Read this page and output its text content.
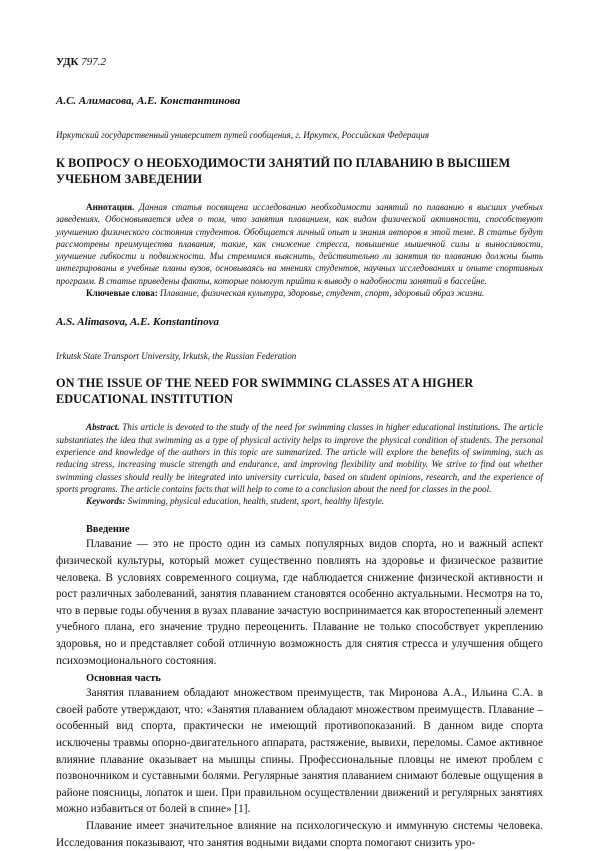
УДК 797.2
А.С. Алимасова, А.Е. Константинова
Иркутский государственный университет путей сообщения, г. Иркутск, Российская Федерация
К ВОПРОСУ О НЕОБХОДИМОСТИ ЗАНЯТИЙ ПО ПЛАВАНИЮ В ВЫСШЕМ УЧЕБНОМ ЗАВЕДЕНИИ

Аннотация. Данная статья посвящена исследованию необходимости занятий по плаванию в высших учебных заведениях. Обосновывается идея о том, что занятия плаванием, как видом физической активности, способствуют улучшению физического состояния студентов. Обобщается личный опыт и знания авторов в этой теме. В статье будут рассмотрены преимущества плавания, такие, как снижение стресса, повышение мышечной силы и выносливости, улучшение гибкости и подвижности. Мы стремимся выяснить, действительно ли занятия по плаванию должны быть интегрированы в учебные планы вузов, основываясь на мнениях студентов, научных исследованиях и опыте спортивных программ. В статье приведены факты, которые помогут прийти к выводу о надобности занятий в бассейне.

Ключевые слова: Плавание, физическая культура, здоровье, студент, спорт, здоровый образ жизни.

A.S. Alimasova, A.E. Konstantinova
Irkutsk State Transport University, Irkutsk, the Russian Federation
ON THE ISSUE OF THE NEED FOR SWIMMING CLASSES AT A HIGHER EDUCATIONAL INSTITUTION

Abstract. This article is devoted to the study of the need for swimming classes in higher educational institutions. The article substantiates the idea that swimming as a type of physical activity helps to improve the physical condition of students. The personal experience and knowledge of the authors in this topic are summarized. The article will explore the benefits of swimming, such as reducing stress, increasing muscle strength and endurance, and improving flexibility and mobility. We strive to find out whether swimming classes should really be integrated into university curricula, based on student opinions, research, and the experience of sports programs. The article contains facts that will help to come to a conclusion about the need for classes in the pool.

Keywords: Swimming, physical education, health, student, sport, healthy lifestyle.

Введение

Плавание — это не просто один из самых популярных видов спорта, но и важный аспект физической культуры, который может существенно повлиять на здоровье и физическое развитие человека. В условиях современного социума, где наблюдается снижение физической активности и рост различных заболеваний, занятия плаванием становятся особенно актуальными. Несмотря на то, что в первые годы обучения в вузах плавание зачастую воспринимается как второстепенный элемент учебного плана, его значение трудно переоценить. Плавание не только способствует укреплению здоровья, но и представляет собой отличную возможность для снятия стресса и улучшения общего психоэмоционального состояния.

Основная часть

Занятия плаванием обладают множеством преимуществ, так Миронова А.А., Ильина С.А. в своей работе утверждают, что: «Занятия плаванием обладают множеством преимуществ. Плавание – особенный вид спорта, практически не имеющий противопоказаний. В данном виде спорта исключены травмы опорно-двигательного аппарата, растяжение, вывихи, переломы. Самое активное влияние плавание оказывает на мышцы спины. Профессиональные пловцы не имеют проблем с позвоночником и суставными болями. Регулярные занятия плаванием снимают болевые ощущения в районе поясницы, лопаток и шеи. При правильном осуществлении движений и регулярных занятиях можно избавиться от болей в спине» [1].

Плавание имеет значительное влияние на психологическую и иммунную системы человека. Исследования показывают, что занятия водными видами спорта помогают снизить уро-
